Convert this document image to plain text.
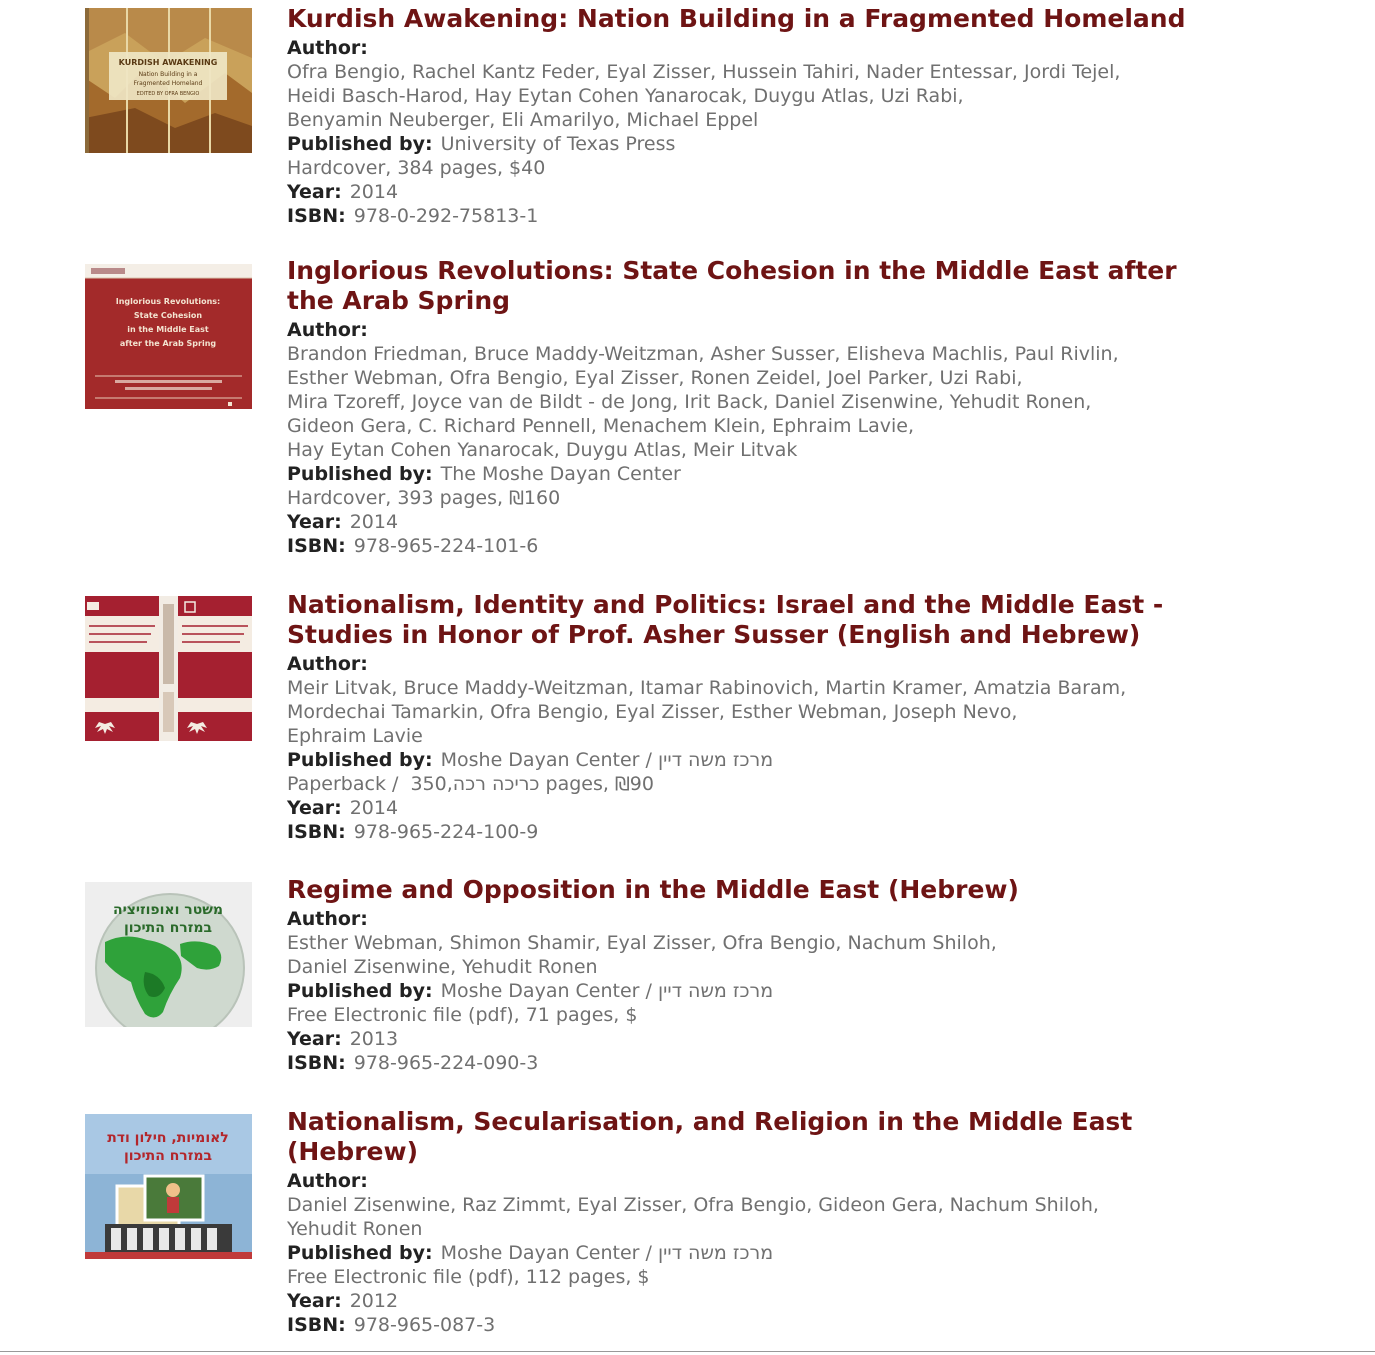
KURDISH AWAKENING
Nation Building in a
Fragmented Homeland
EDITED BY OFRA BENGIO
Kurdish Awakening: Nation Building in a Fragmented Homeland
Author:
Ofra Bengio, Rachel Kantz Feder, Eyal Zisser, Hussein Tahiri, Nader Entessar, Jordi Tejel,
Heidi Basch-Harod, Hay Eytan Cohen Yanarocak, Duygu Atlas, Uzi Rabi,
Benyamin Neuberger, Eli Amarilyo, Michael Eppel
Published by: University of Texas Press
Hardcover, 384 pages, $40
Year: 2014
ISBN: 978-0-292-75813-1
Inglorious Revolutions:
State Cohesion
in the Middle East
after the Arab Spring
Inglorious Revolutions: State Cohesion in the Middle East after
the Arab Spring
Author:
Brandon Friedman, Bruce Maddy-Weitzman, Asher Susser, Elisheva Machlis, Paul Rivlin,
Esther Webman, Ofra Bengio, Eyal Zisser, Ronen Zeidel, Joel Parker, Uzi Rabi,
Mira Tzoreff, Joyce van de Bildt - de Jong, Irit Back, Daniel Zisenwine, Yehudit Ronen,
Gideon Gera, C. Richard Pennell, Menachem Klein, Ephraim Lavie,
Hay Eytan Cohen Yanarocak, Duygu Atlas, Meir Litvak
Published by: The Moshe Dayan Center
Hardcover, 393 pages, ₪160
Year: 2014
ISBN: 978-965-224-101-6
Nationalism, Identity and Politics: Israel and the Middle East -
Studies in Honor of Prof. Asher Susser (English and Hebrew)
Author:
Meir Litvak, Bruce Maddy-Weitzman, Itamar Rabinovich, Martin Kramer, Amatzia Baram,
Mordechai Tamarkin, Ofra Bengio, Eyal Zisser, Esther Webman, Joseph Nevo,
Ephraim Lavie
Published by: Moshe Dayan Center / מרכז משה דיין
Paperback / כריכה רכה,350 pages, ₪90
Year: 2014
ISBN: 978-965-224-100-9
משטר ואופוזיציה
במזרח התיכון
Regime and Opposition in the Middle East (Hebrew)
Author:
Esther Webman, Shimon Shamir, Eyal Zisser, Ofra Bengio, Nachum Shiloh,
Daniel Zisenwine, Yehudit Ronen
Published by: Moshe Dayan Center / מרכז משה דיין
Free Electronic file (pdf), 71 pages, $
Year: 2013
ISBN: 978-965-224-090-3
לאומיות, חילון ודת
במזרח התיכון
Nationalism, Secularisation, and Religion in the Middle East
(Hebrew)
Author:
Daniel Zisenwine, Raz Zimmt, Eyal Zisser, Ofra Bengio, Gideon Gera, Nachum Shiloh,
Yehudit Ronen
Published by: Moshe Dayan Center / מרכז משה דיין
Free Electronic file (pdf), 112 pages, $
Year: 2012
ISBN: 978-965-087-3
